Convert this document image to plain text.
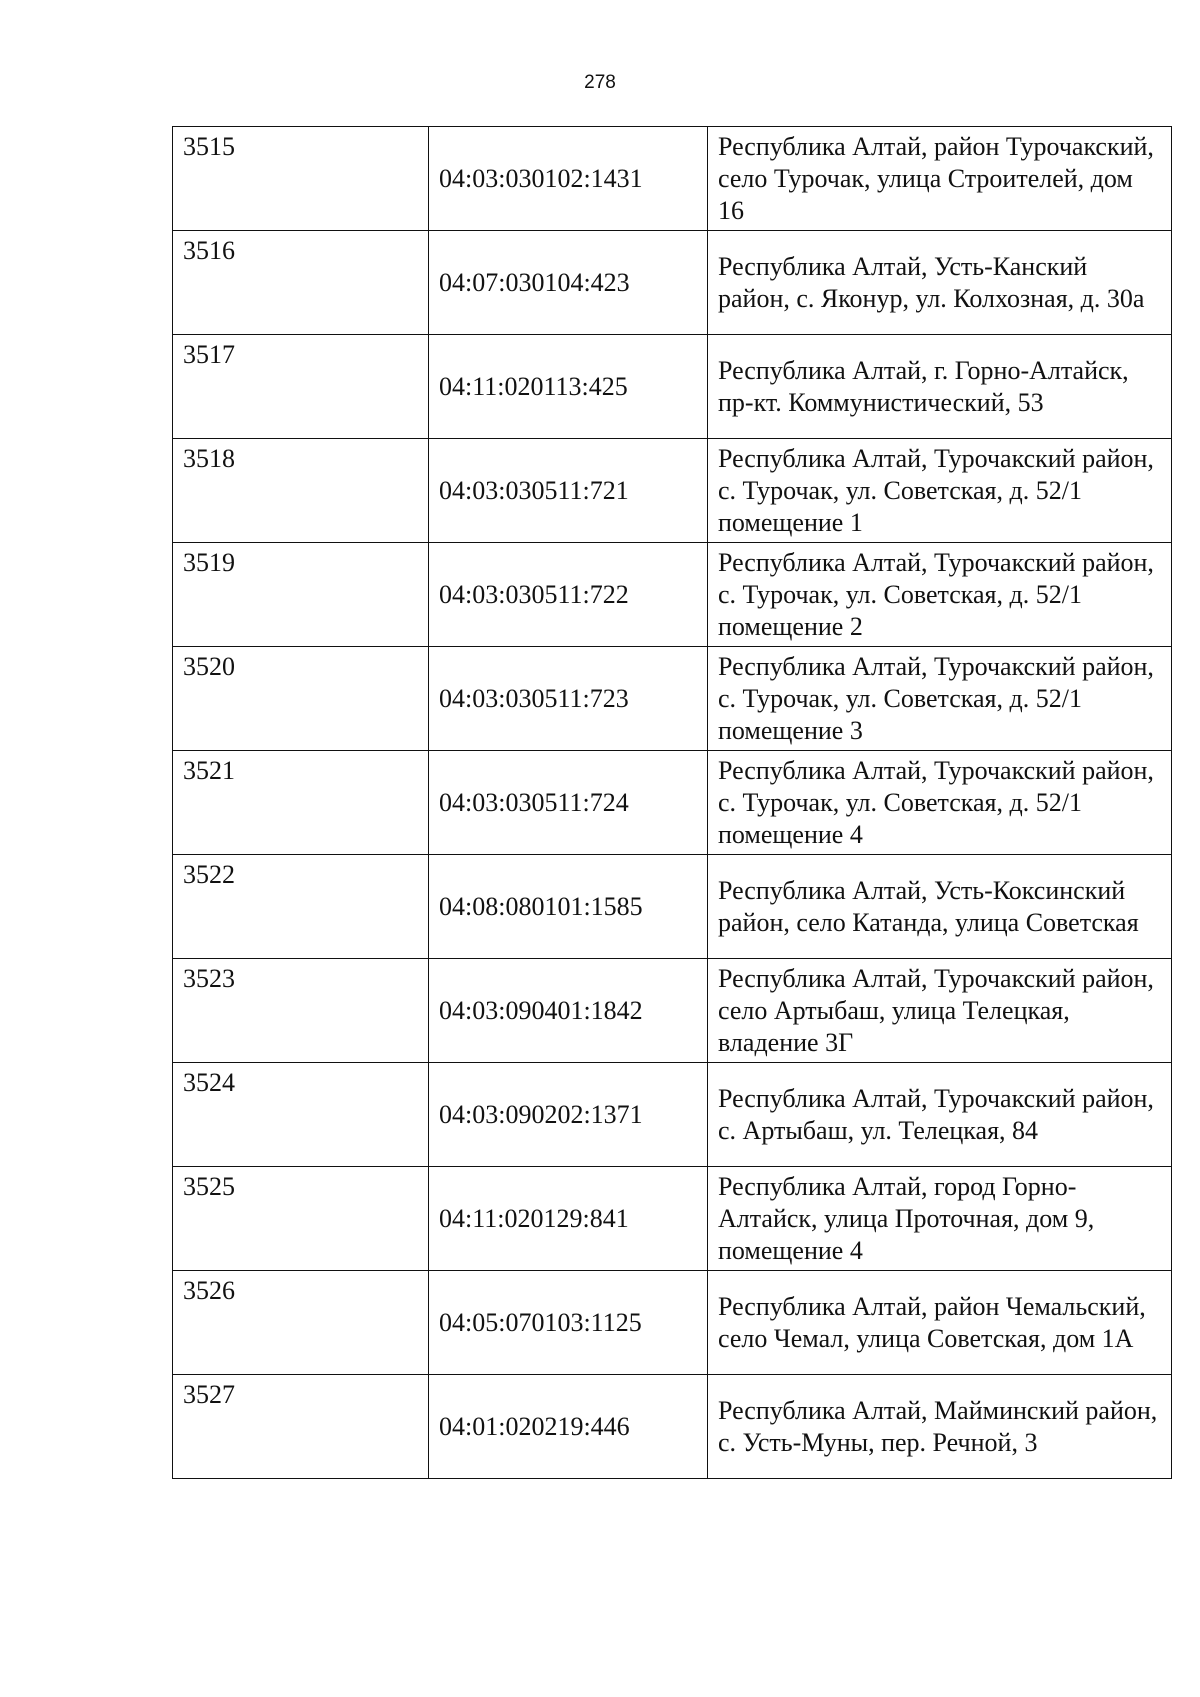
278
3515	04:03:030102:1431	Республика Алтай, район Турочакский, село Турочак, улица Строителей, дом 16
3516	04:07:030104:423	Республика Алтай, Усть-Канский район, с. Яконур, ул. Колхозная, д. 30а
3517	04:11:020113:425	Республика Алтай, г. Горно-Алтайск, пр-кт. Коммунистический, 53
3518	04:03:030511:721	Республика Алтай, Турочакский район, с. Турочак, ул. Советская, д. 52/1 помещение 1
3519	04:03:030511:722	Республика Алтай, Турочакский район, с. Турочак, ул. Советская, д. 52/1 помещение 2
3520	04:03:030511:723	Республика Алтай, Турочакский район, с. Турочак, ул. Советская, д. 52/1 помещение 3
3521	04:03:030511:724	Республика Алтай, Турочакский район, с. Турочак, ул. Советская, д. 52/1 помещение 4
3522	04:08:080101:1585	Республика Алтай, Усть-Коксинский район, село Катанда, улица Советская
3523	04:03:090401:1842	Республика Алтай, Турочакский район, село Артыбаш, улица Телецкая, владение 3Г
3524	04:03:090202:1371	Республика Алтай, Турочакский район, с. Артыбаш, ул. Телецкая, 84
3525	04:11:020129:841	Республика Алтай, город Горно-Алтайск, улица Проточная, дом 9, помещение 4
3526	04:05:070103:1125	Республика Алтай, район Чемальский, село Чемал, улица Советская, дом 1А
3527	04:01:020219:446	Республика Алтай, Майминский район, с. Усть-Муны, пер. Речной, 3
